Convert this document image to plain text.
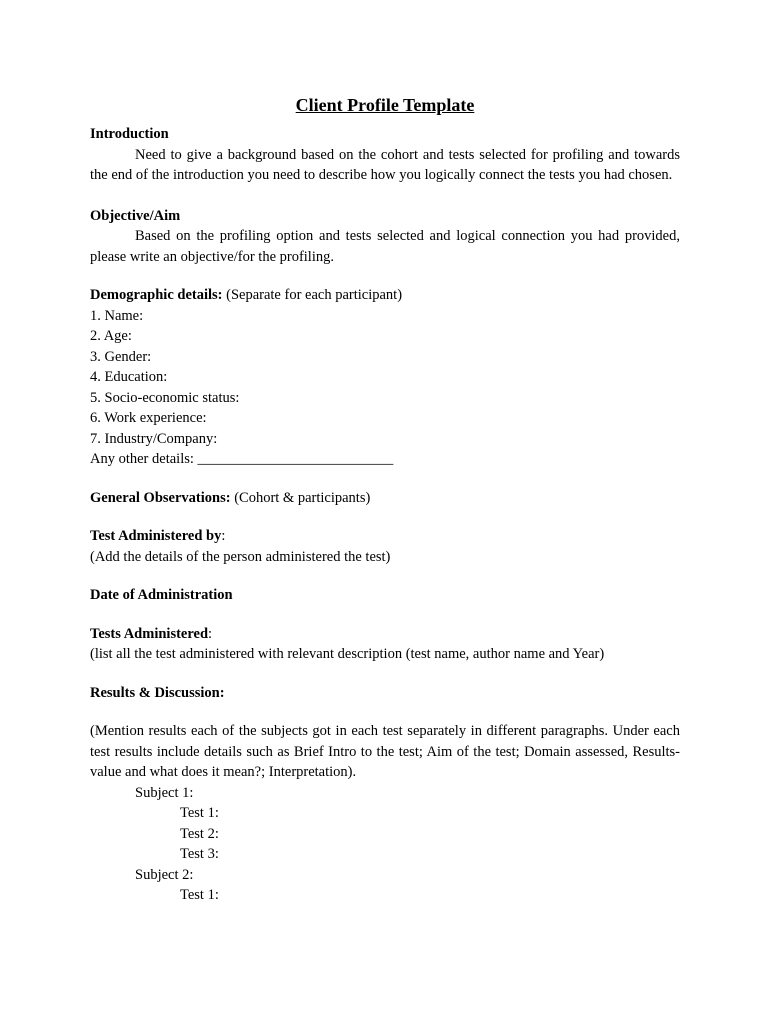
Client Profile Template
Introduction
Need to give a background based on the cohort and tests selected for profiling and towards the end of the introduction you need to describe how you logically connect the tests you had chosen.
Objective/Aim
Based on the profiling option and tests selected and logical connection you had provided, please write an objective/for the profiling.
Demographic details: (Separate for each participant)
1. Name:
2. Age:
3. Gender:
4. Education:
5. Socio-economic status:
6. Work experience:
7. Industry/Company:
Any other details: ___________________________
General Observations: (Cohort & participants)
Test Administered by:
(Add the details of the person administered the test)
Date of Administration
Tests Administered:
(list all the test administered with relevant description (test name, author name and Year)
Results & Discussion:
(Mention results each of the subjects got in each test separately in different paragraphs. Under each test results include details such as Brief Intro to the test; Aim of the test; Domain assessed, Results- value and what does it mean?; Interpretation).
Subject 1:
Test 1:
Test 2:
Test 3:
Subject 2:
Test 1:
